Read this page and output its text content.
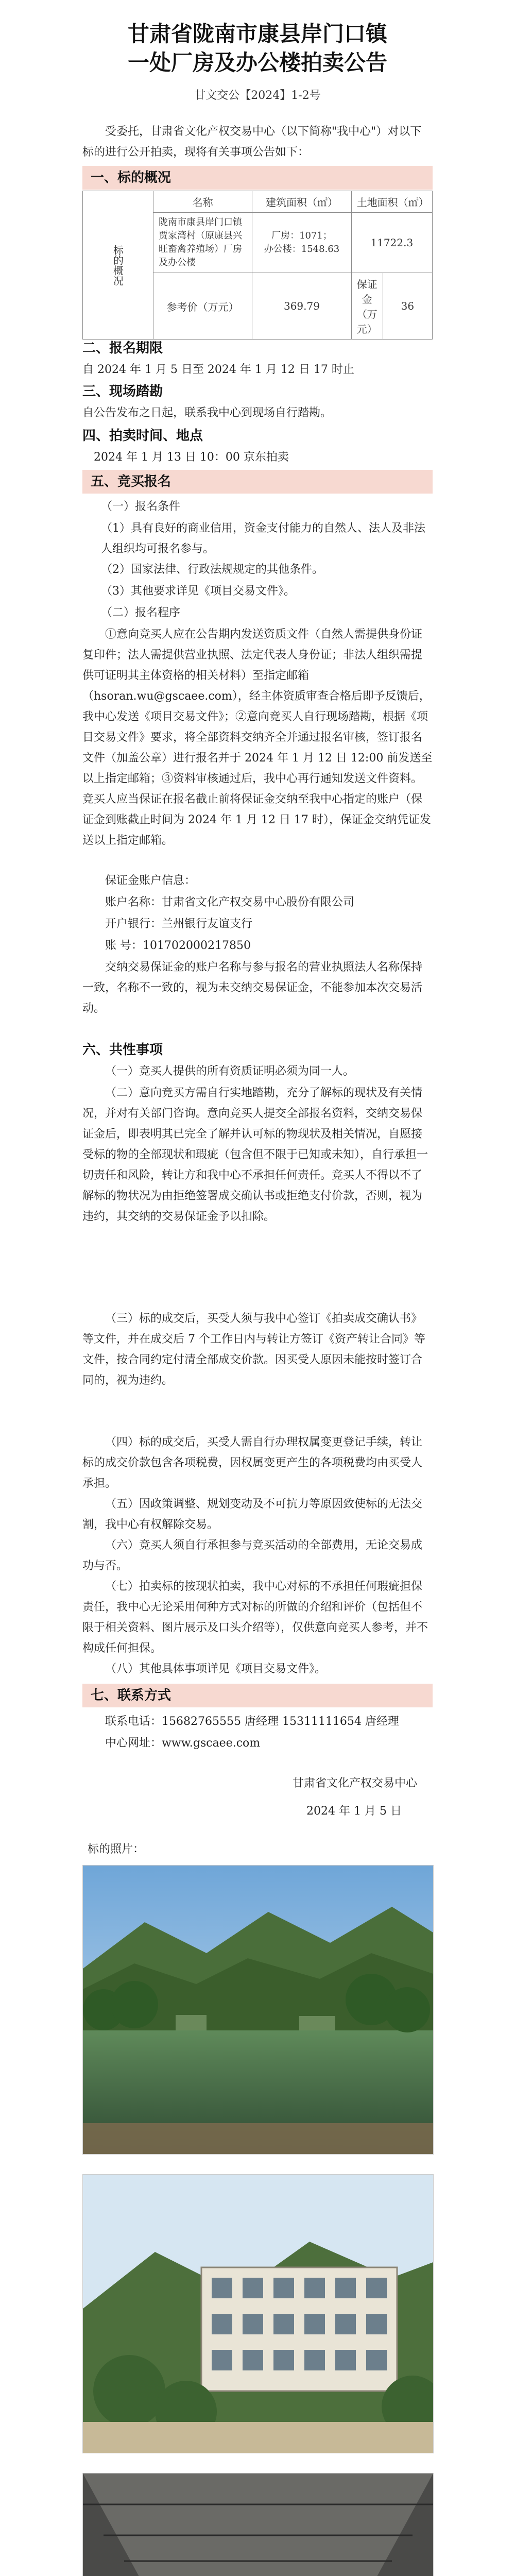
甘肃省陇南市康县岸门口镇
一处厂房及办公楼拍卖公告
甘文交公【2024】1-2号
受委托，甘肃省文化产权交易中心（以下简称"我中心"）对以下标的进行公开拍卖，现将有关事项公告如下：
一、标的概况
标的概况	名称	建筑面积（㎡）	土地面积（㎡）	
	陇南市康县岸门口镇贾家湾村（原康县兴旺畜禽养殖场）厂房及办公楼	厂房：1071；
办公楼：1548.63	11722.3	
	参考价（万元）	369.79	保证金（万元）	36
二、报名期限
自 2024 年 1 月 5 日至 2024 年 1 月 12 日 17 时止
三、现场踏勘
自公告发布之日起，联系我中心到现场自行踏勘。
四、拍卖时间、地点
2024 年 1 月 13 日 10：00 京东拍卖
五、竞买报名
（一）报名条件
（1）具有良好的商业信用，资金支付能力的自然人、法人及非法人组织均可报名参与。
（2）国家法律、行政法规规定的其他条件。
（3）其他要求详见《项目交易文件》。
（二）报名程序
①意向竞买人应在公告期内发送资质文件（自然人需提供身份证复印件；法人需提供营业执照、法定代表人身份证；非法人组织需提供可证明其主体资格的相关材料）至指定邮箱（hsoran.wu@gscaee.com），经主体资质审查合格后即予反馈后，我中心发送《项目交易文件》；②意向竞买人自行现场踏勘，根据《项目交易文件》要求，将全部资料交纳齐全并通过报名审核，签订报名文件（加盖公章）进行报名并于 2024 年 1 月 12 日 12:00 前发送至以上指定邮箱；③资料审核通过后，我中心再行通知发送文件资料。竞买人应当保证在报名截止前将保证金交纳至我中心指定的账户（保证金到账截止时间为 2024 年 1 月 12 日 17 时），保证金交纳凭证发送以上指定邮箱。
保证金账户信息：
账户名称：甘肃省文化产权交易中心股份有限公司
开户银行：兰州银行友谊支行
账 号：101702000217850
交纳交易保证金的账户名称与参与报名的营业执照法人名称保持一致，名称不一致的，视为未交纳交易保证金，不能参加本次交易活动。
六、共性事项
（一）竞买人提供的所有资质证明必须为同一人。
（二）意向竞买方需自行实地踏勘，充分了解标的现状及有关情况，并对有关部门咨询。意向竞买人提交全部报名资料，交纳交易保证金后，即表明其已完全了解并认可标的物现状及相关情况，自愿接受标的物的全部现状和瑕疵（包含但不限于已知或未知），自行承担一切责任和风险，转让方和我中心不承担任何责任。竞买人不得以不了解标的物状况为由拒绝签署成交确认书或拒绝支付价款，否则，视为违约，其交纳的交易保证金予以扣除。
（三）标的成交后，买受人须与我中心签订《拍卖成交确认书》等文件，并在成交后 7 个工作日内与转让方签订《资产转让合同》等文件，按合同约定付清全部成交价款。因买受人原因未能按时签订合同的，视为违约。
（四）标的成交后，买受人需自行办理权属变更登记手续，转让标的成交价款包含各项税费，因权属变更产生的各项税费均由买受人承担。
（五）因政策调整、规划变动及不可抗力等原因致使标的无法交割，我中心有权解除交易。
（六）竞买人须自行承担参与竞买活动的全部费用，无论交易成功与否。
（七）拍卖标的按现状拍卖，我中心对标的不承担任何瑕疵担保责任，我中心无论采用何种方式对标的所做的介绍和评价（包括但不限于相关资料、图片展示及口头介绍等），仅供意向竞买人参考，并不构成任何担保。
（八）其他具体事项详见《项目交易文件》。
七、联系方式
联系电话：15682765555 唐经理 15311111654 唐经理
中心网址：www.gscaee.com
甘肃省文化产权交易中心
2024 年 1 月 5 日
标的照片：
